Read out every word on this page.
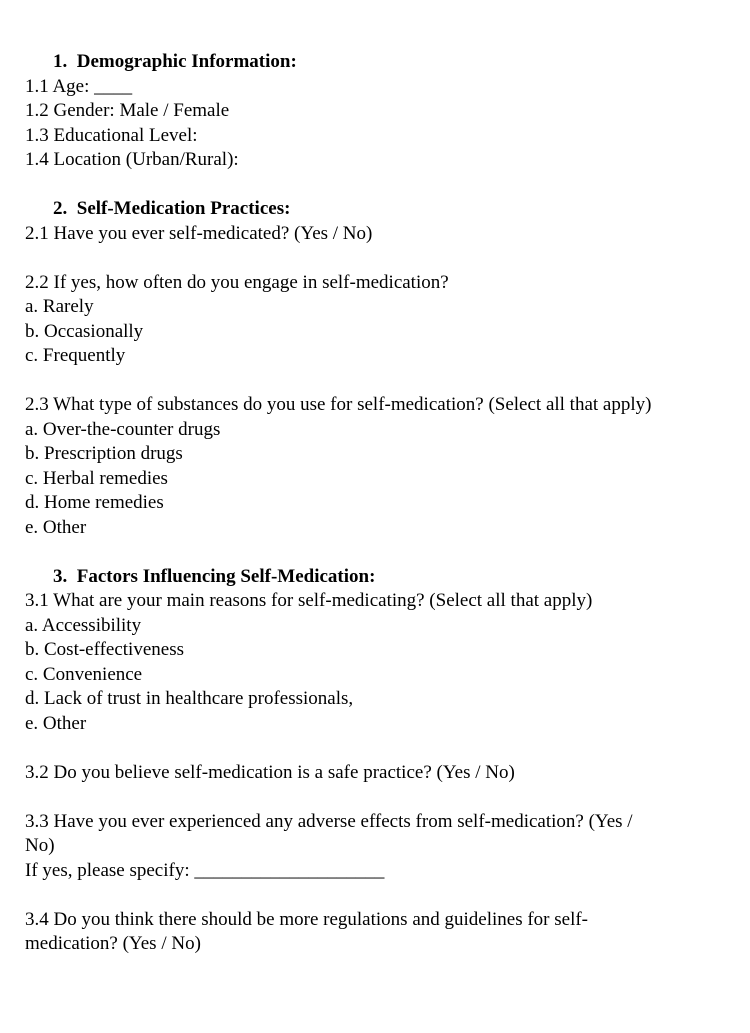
1.  Demographic Information:
1.1 Age: ____
1.2 Gender: Male / Female
1.3 Educational Level:
1.4 Location (Urban/Rural):
2.  Self-Medication Practices:
2.1 Have you ever self-medicated? (Yes / No)
2.2 If yes, how often do you engage in self-medication?
a. Rarely
b. Occasionally
c. Frequently
2.3 What type of substances do you use for self-medication? (Select all that apply)
a. Over-the-counter drugs
b. Prescription drugs
c. Herbal remedies
d. Home remedies
e. Other
3.  Factors Influencing Self-Medication:
3.1 What are your main reasons for self-medicating? (Select all that apply)
a. Accessibility
b. Cost-effectiveness
c. Convenience
d. Lack of trust in healthcare professionals,
e. Other
3.2 Do you believe self-medication is a safe practice? (Yes / No)
3.3 Have you ever experienced any adverse effects from self-medication? (Yes /
No)
If yes, please specify: ____________________
3.4 Do you think there should be more regulations and guidelines for self-
medication? (Yes / No)
